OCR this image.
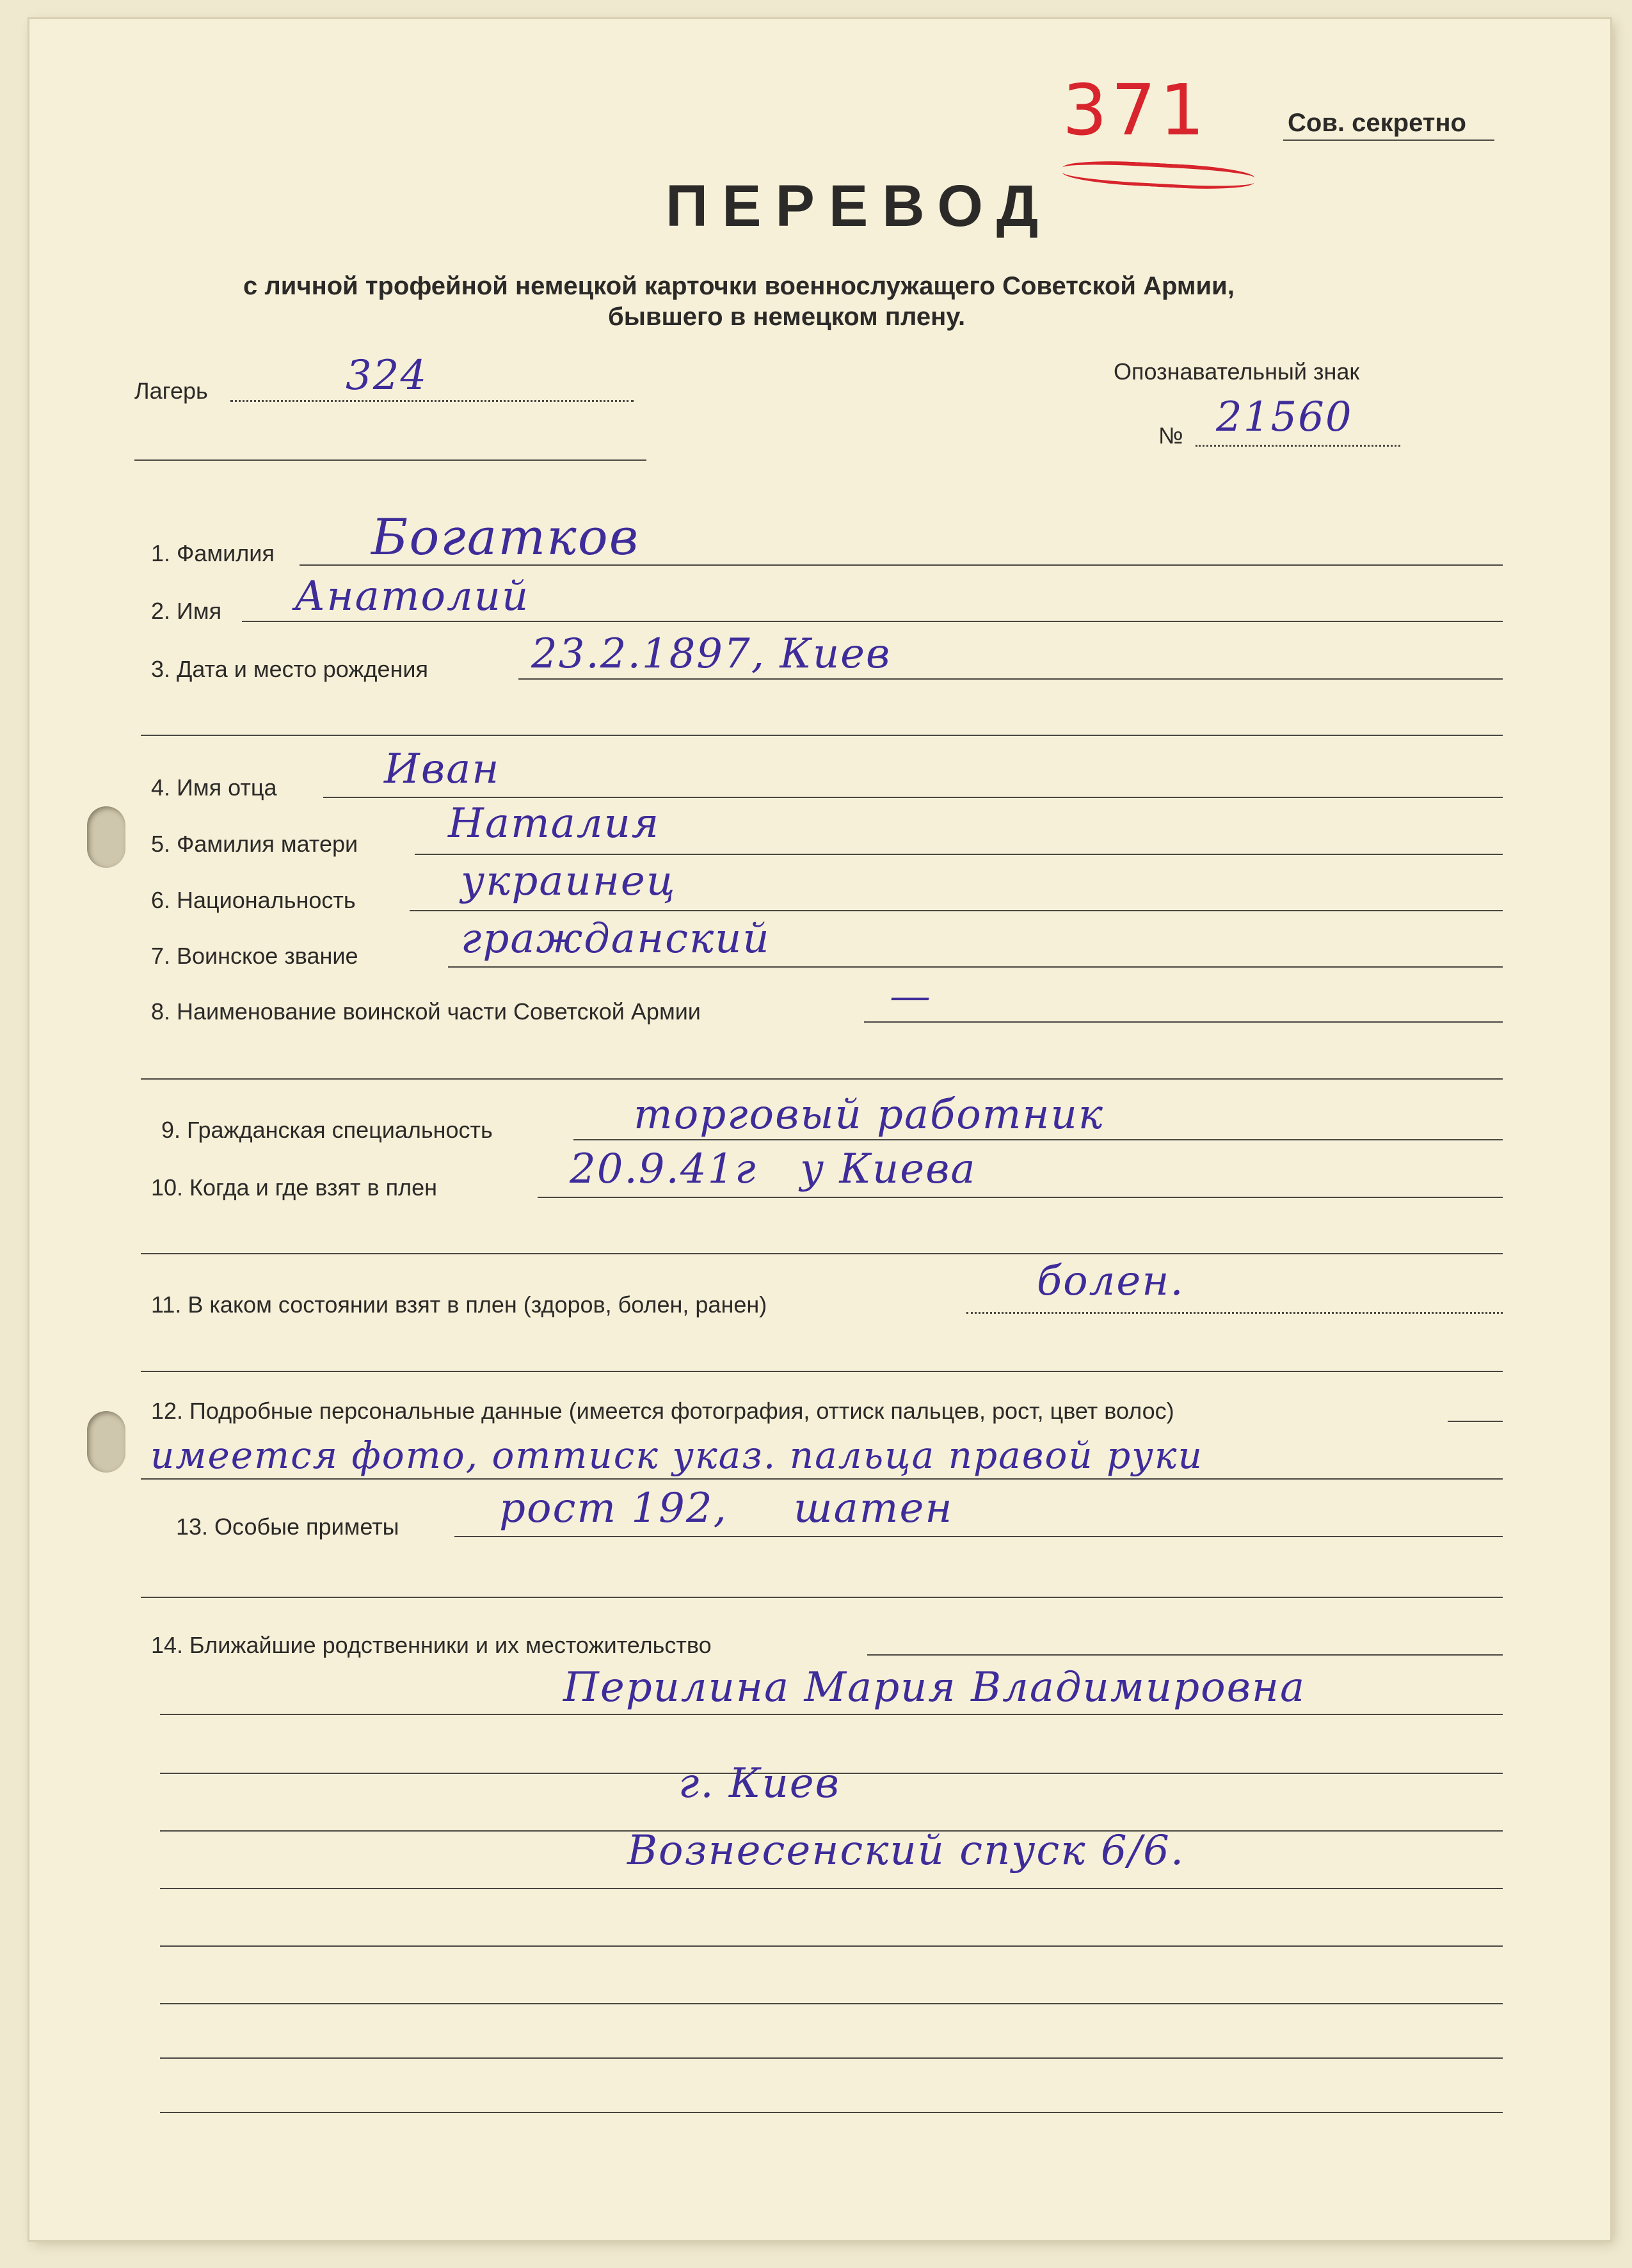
371	Сов. секретно
ПЕРЕВОД
с личной трофейной немецкой карточки военнослужащего Советской Армии,
бывшего в немецком плену.
Лагерь	324	Опознавательный знак
№ 21560
1. Фамилия Богатков
2. Имя Анатолий
3. Дата и место рождения	23.2.1897, Киев
4. Имя отца	Иван
5. Фамилия матери Наталия
6. Национальность	украинец
7. Воинское звание	гражданский
8. Наименование воинской части Советской Армии	—
9. Гражданская специальность	торговый работник
10. Когда и где взят в плен	20.9.41г у Киева
11. В каком состоянии взят в плен (здоров, болен, ранен)	болен.
12. Подробные персональные данные (имеется фотография, оттиск пальцев, рост, цвет волос)
имеется фото, оттиск указ. пальца правой руки
13. Особые приметы рост 192, шатен
14. Ближайшие родственники и их местожительство
Перилина Мария Владимировна
г. Киев
Вознесенский спуск 6/6.
